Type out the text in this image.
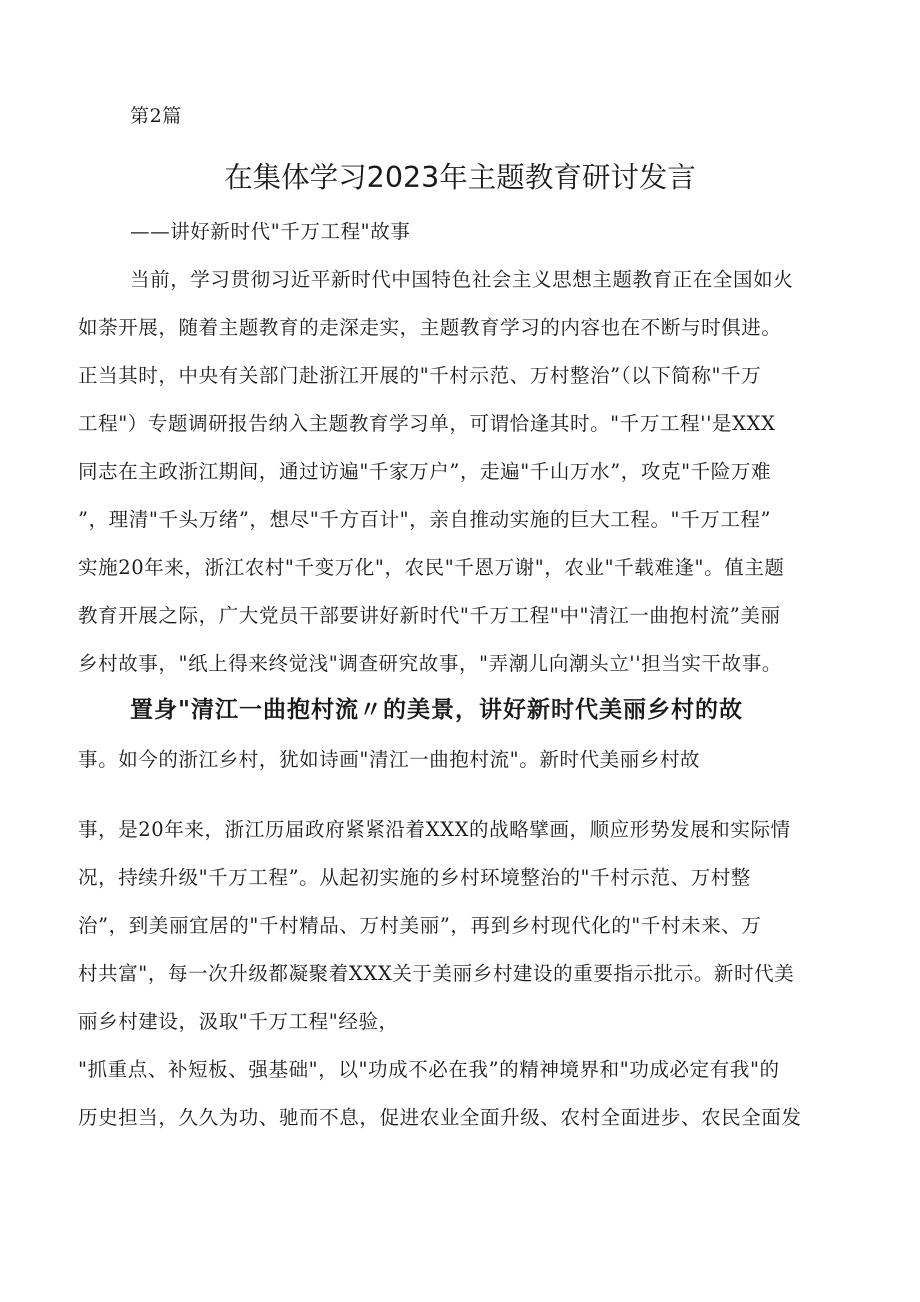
第2篇
在集体学习2023年主题教育研讨发言
——讲好新时代"千万工程"故事
当前，学习贯彻习近平新时代中国特色社会主义思想主题教育正在全国如火
如荼开展，随着主题教育的走深走实，主题教育学习的内容也在不断与时俱进。
正当其时，中央有关部门赴浙江开展的"千村示范、万村整治”（以下简称"千万
工程"）专题调研报告纳入主题教育学习单，可谓恰逢其时。"千万工程''是XXX
同志在主政浙江期间，通过访遍"千家万户”，走遍"千山万水”，攻克"千险万难
”，理清"千头万绪”，想尽"千方百计"，亲自推动实施的巨大工程。"千万工程”
实施20年来，浙江农村"千变万化"，农民"千恩万谢"，农业"千载难逢"。值主题
教育开展之际，广大党员干部要讲好新时代"千万工程"中"清江一曲抱村流”美丽
乡村故事，"纸上得来终觉浅"调查研究故事，"弄潮儿向潮头立''担当实干故事。
置身"清江一曲抱村流〃的美景，讲好新时代美丽乡村的故
事。如今的浙江乡村，犹如诗画"清江一曲抱村流"。新时代美丽乡村故
事，是20年来，浙江历届政府紧紧沿着XXX的战略擘画，顺应形势发展和实际情
况，持续升级"千万工程”。从起初实施的乡村环境整治的"千村示范、万村整
治”，到美丽宜居的"千村精品、万村美丽”，再到乡村现代化的"千村未来、万
村共富"，每一次升级都凝聚着XXX关于美丽乡村建设的重要指示批示。新时代美
丽乡村建设，汲取"千万工程"经验，
"抓重点、补短板、强基础"，以"功成不必在我”的精神境界和"功成必定有我"的
历史担当，久久为功、驰而不息，促进农业全面升级、农村全面进步、农民全面发
